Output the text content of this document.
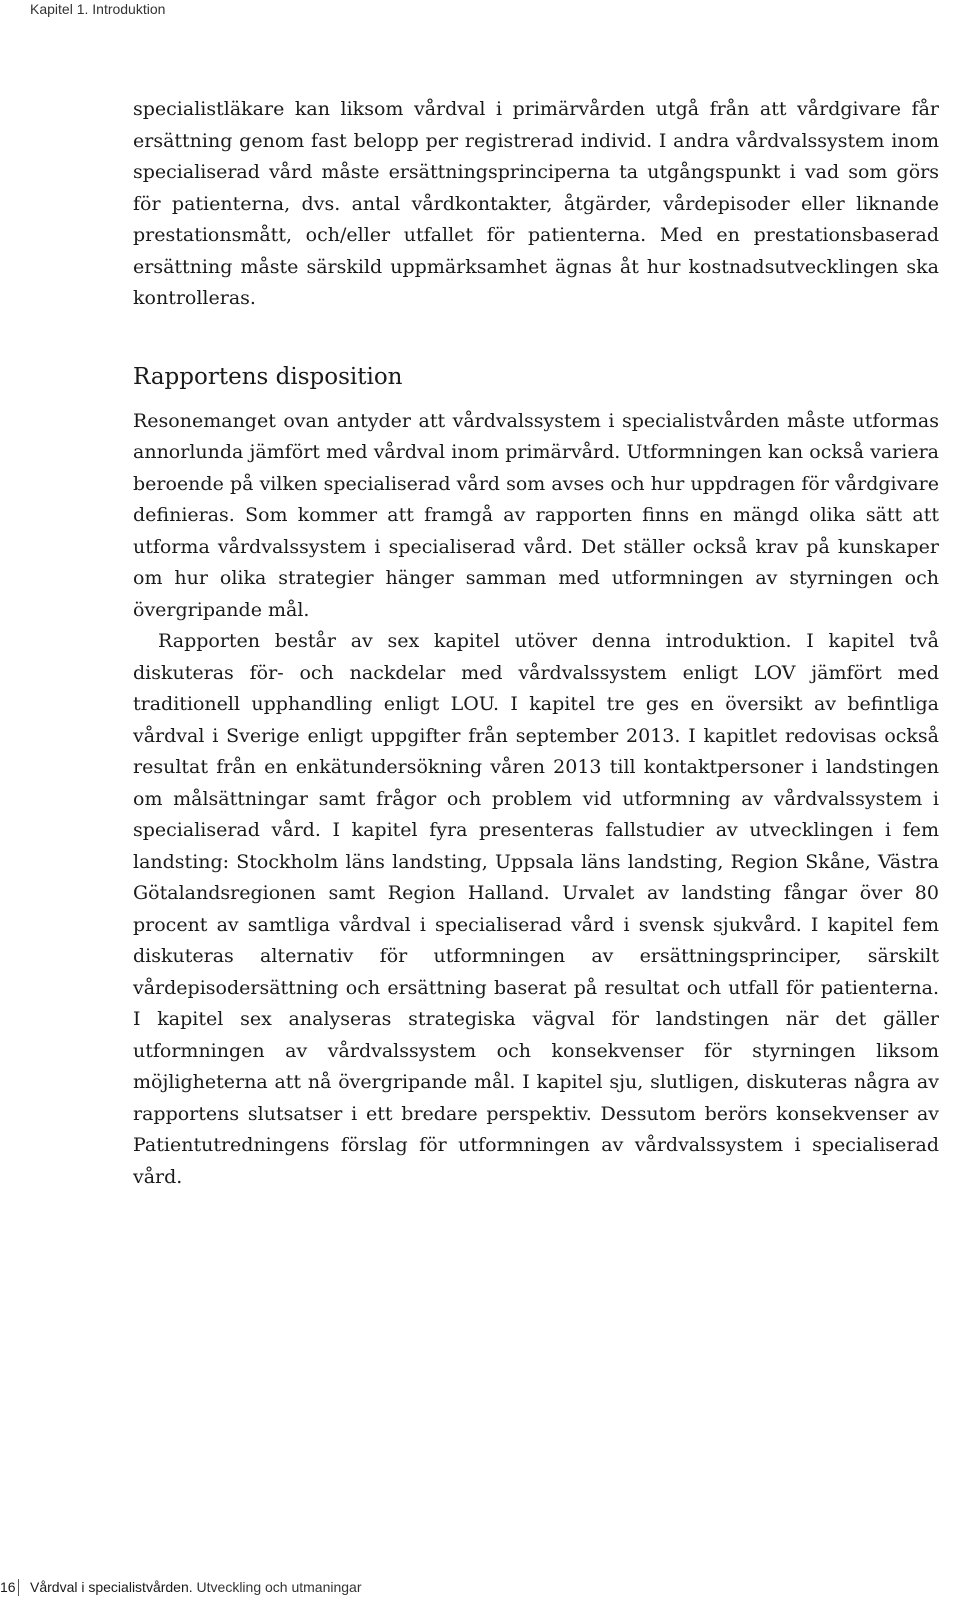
Kapitel 1. Introduktion

specialistläkare kan liksom vårdval i primärvården utgå från att vårdgivare får ersättning genom fast belopp per registrerad individ. I andra vårdvalssystem inom specialiserad vård måste ersättningsprinciperna ta utgångspunkt i vad som görs för patienterna, dvs. antal vårdkontakter, åtgärder, vårdepisoder eller liknande prestationsmått, och/eller utfallet för patienterna. Med en prestationsbaserad ersättning måste särskild uppmärksamhet ägnas åt hur kostnadsutvecklingen ska kontrolleras.

Rapportens disposition

Resonemanget ovan antyder att vårdvalssystem i specialistvården måste utformas annorlunda jämfört med vårdval inom primärvård. Utformningen kan också variera beroende på vilken specialiserad vård som avses och hur uppdragen för vårdgivare definieras. Som kommer att framgå av rapporten finns en mängd olika sätt att utforma vårdvalssystem i specialiserad vård. Det ställer också krav på kunskaper om hur olika strategier hänger samman med utformningen av styrningen och övergripande mål.

Rapporten består av sex kapitel utöver denna introduktion. I kapitel två diskuteras för- och nackdelar med vårdvalssystem enligt LOV jämfört med traditionell upphandling enligt LOU. I kapitel tre ges en översikt av befintliga vårdval i Sverige enligt uppgifter från september 2013. I kapitlet redovisas också resultat från en enkätundersökning våren 2013 till kontaktpersoner i landstingen om målsättningar samt frågor och problem vid utformning av vårdvalssystem i specialiserad vård. I kapitel fyra presenteras fallstudier av utvecklingen i fem landsting: Stockholm läns landsting, Uppsala läns landsting, Region Skåne, Västra Götalandsregionen samt Region Halland. Urvalet av landsting fångar över 80 procent av samtliga vårdval i specialiserad vård i svensk sjukvård. I kapitel fem diskuteras alternativ för utformningen av ersättningsprinciper, särskilt vårdepisodersättning och ersättning baserat på resultat och utfall för patienterna. I kapitel sex analyseras strategiska vägval för landstingen när det gäller utformningen av vårdvalssystem och konsekvenser för styrningen liksom möjligheterna att nå övergripande mål. I kapitel sju, slutligen, diskuteras några av rapportens slutsatser i ett bredare perspektiv. Dessutom berörs konsekvenser av Patientutredningens förslag för utformningen av vårdvalssystem i specialiserad vård.

16 Vårdval i specialistvården. Utveckling och utmaningar
